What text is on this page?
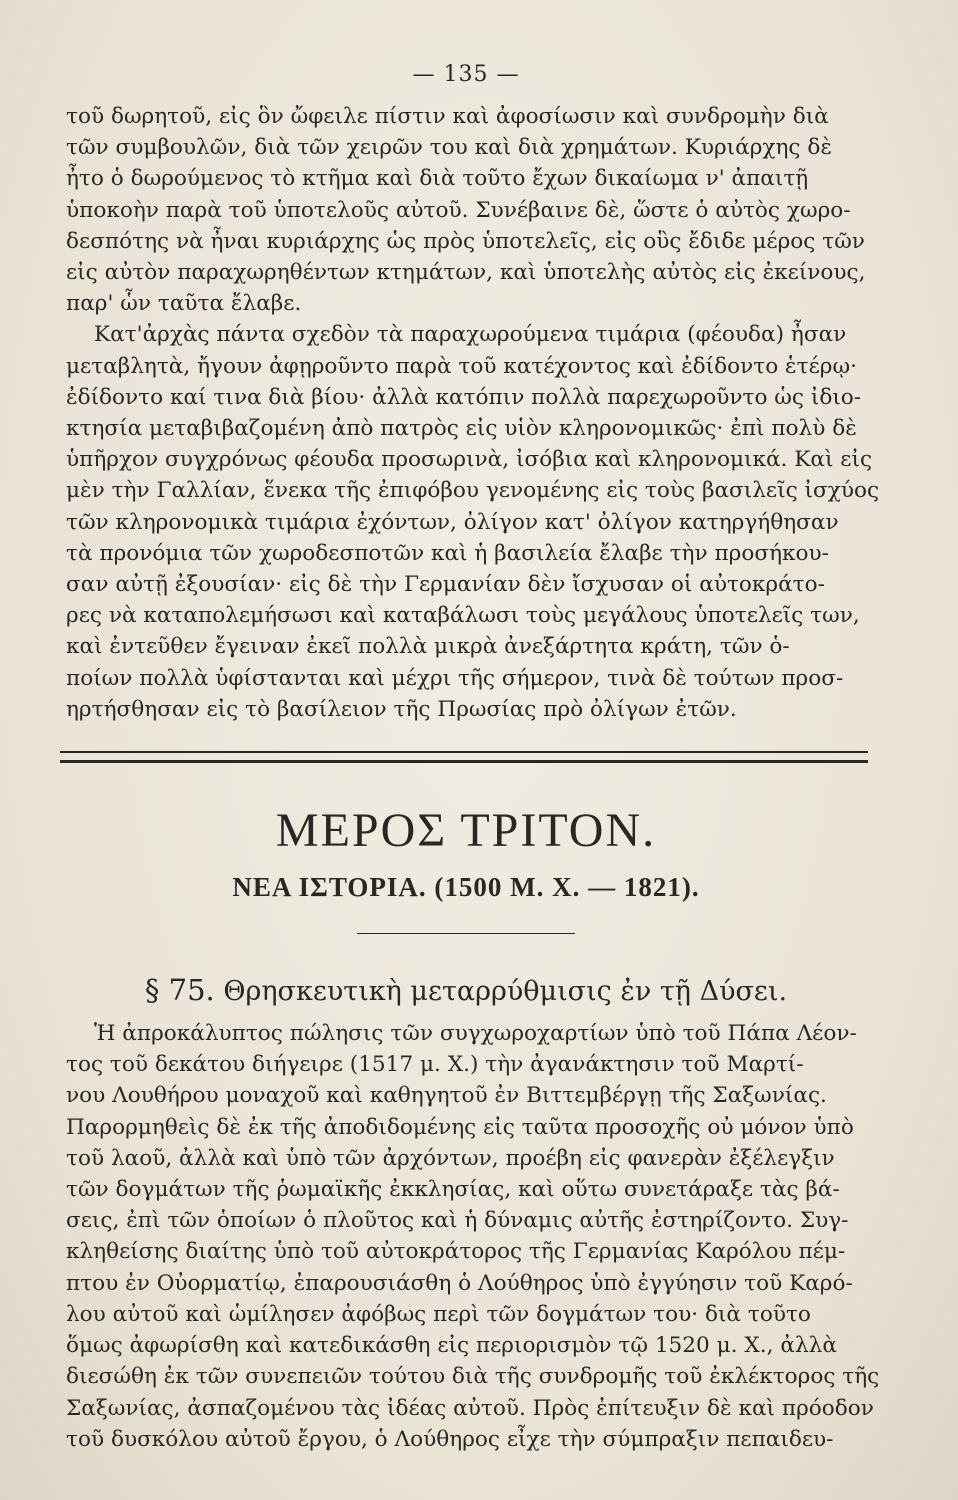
— 135 —

τοῦ δωρητοῦ, εἰς ὃν ὤφειλε πίστιν καὶ ἀφοσίωσιν καὶ συνδρομὴν διὰ
τῶν συμβουλῶν, διὰ τῶν χειρῶν του καὶ διὰ χρημάτων. Κυριάρχης δὲ
ἦτο ὁ δωρούμενος τὸ κτῆμα καὶ διὰ τοῦτο ἔχων δικαίωμα ν' ἀπαιτῇ
ὑποκοὴν παρὰ τοῦ ὑποτελοῦς αὐτοῦ. Συνέβαινε δὲ, ὥστε ὁ αὐτὸς χωρο-
δεσπότης νὰ ἦναι κυριάρχης ὡς πρὸς ὑποτελεῖς, εἰς οὓς ἔδιδε μέρος τῶν
εἰς αὐτὸν παραχωρηθέντων κτημάτων, καὶ ὑποτελὴς αὐτὸς εἰς ἐκείνους,
παρ' ὧν ταῦτα ἔλαβε.

Κατ'ἀρχὰς πάντα σχεδὸν τὰ παραχωρούμενα τιμάρια (φέουδα) ἦσαν
μεταβλητὰ, ἤγουν ἀφῃροῦντο παρὰ τοῦ κατέχοντος καὶ ἐδίδοντο ἑτέρῳ·
ἐδίδοντο καί τινα διὰ βίου· ἀλλὰ κατόπιν πολλὰ παρεχωροῦντο ὡς ἰδιο-
κτησία μεταβιβαζομένη ἀπὸ πατρὸς εἰς υἱὸν κληρονομικῶς· ἐπὶ πολὺ δὲ
ὑπῆρχον συγχρόνως φέουδα προσωρινὰ, ἰσόβια καὶ κληρονομικά. Καὶ εἰς
μὲν τὴν Γαλλίαν, ἕνεκα τῆς ἐπιφόβου γενομένης εἰς τοὺς βασιλεῖς ἰσχύος
τῶν κληρονομικὰ τιμάρια ἐχόντων, ὀλίγον κατ' ὀλίγον κατηργήθησαν
τὰ προνόμια τῶν χωροδεσποτῶν καὶ ἡ βασιλεία ἔλαβε τὴν προσήκου-
σαν αὐτῇ ἐξουσίαν· εἰς δὲ τὴν Γερμανίαν δὲν ἴσχυσαν οἱ αὐτοκράτο-
ρες νὰ καταπολεμήσωσι καὶ καταβάλωσι τοὺς μεγάλους ὑποτελεῖς των,
καὶ ἐντεῦθεν ἔγειναν ἐκεῖ πολλὰ μικρὰ ἀνεξάρτητα κράτη, τῶν ὁ-
ποίων πολλὰ ὑφίστανται καὶ μέχρι τῆς σήμερον, τινὰ δὲ τούτων προσ-
ηρτήσθησαν εἰς τὸ βασίλειον τῆς Πρωσίας πρὸ ὀλίγων ἐτῶν.

ΜΕΡΟΣ ΤΡΙΤΟΝ.
ΝΕΑ ΙΣΤΟΡΙΑ. (1500 Μ. Χ. — 1821).
§ 75. Θρησκευτικὴ μεταρρύθμισις ἐν τῇ Δύσει.

Ἡ ἀπροκάλυπτος πώλησις τῶν συγχωροχαρτίων ὑπὸ τοῦ Πάπα Λέον-
τος τοῦ δεκάτου διήγειρε (1517 μ. Χ.) τὴν ἀγανάκτησιν τοῦ Μαρτί-
νου Λουθήρου μοναχοῦ καὶ καθηγητοῦ ἐν Βιττεμβέργῃ τῆς Σαξωνίας.
Παρορμηθεὶς δὲ ἐκ τῆς ἀποδιδομένης εἰς ταῦτα προσοχῆς οὐ μόνον ὑπὸ
τοῦ λαοῦ, ἀλλὰ καὶ ὑπὸ τῶν ἀρχόντων, προέβη εἰς φανερὰν ἐξέλεγξιν
τῶν δογμάτων τῆς ῥωμαϊκῆς ἐκκλησίας, καὶ οὕτω συνετάραξε τὰς βά-
σεις, ἐπὶ τῶν ὁποίων ὁ πλοῦτος καὶ ἡ δύναμις αὐτῆς ἐστηρίζοντο. Συγ-
κληθείσης διαίτης ὑπὸ τοῦ αὐτοκράτορος τῆς Γερμανίας Καρόλου πέμ-
πτου ἐν Οὐορματίῳ, ἐπαρουσιάσθη ὁ Λούθηρος ὑπὸ ἐγγύησιν τοῦ Καρό-
λου αὐτοῦ καὶ ὡμίλησεν ἀφόβως περὶ τῶν δογμάτων του· διὰ τοῦτο
ὅμως ἀφωρίσθη καὶ κατεδικάσθη εἰς περιορισμὸν τῷ 1520 μ. Χ., ἀλλὰ
διεσώθη ἐκ τῶν συνεπειῶν τούτου διὰ τῆς συνδρομῆς τοῦ ἐκλέκτορος τῆς
Σαξωνίας, ἀσπαζομένου τὰς ἰδέας αὐτοῦ. Πρὸς ἐπίτευξιν δὲ καὶ πρόοδον
τοῦ δυσκόλου αὐτοῦ ἔργου, ὁ Λούθηρος εἶχε τὴν σύμπραξιν πεπαιδευ-
